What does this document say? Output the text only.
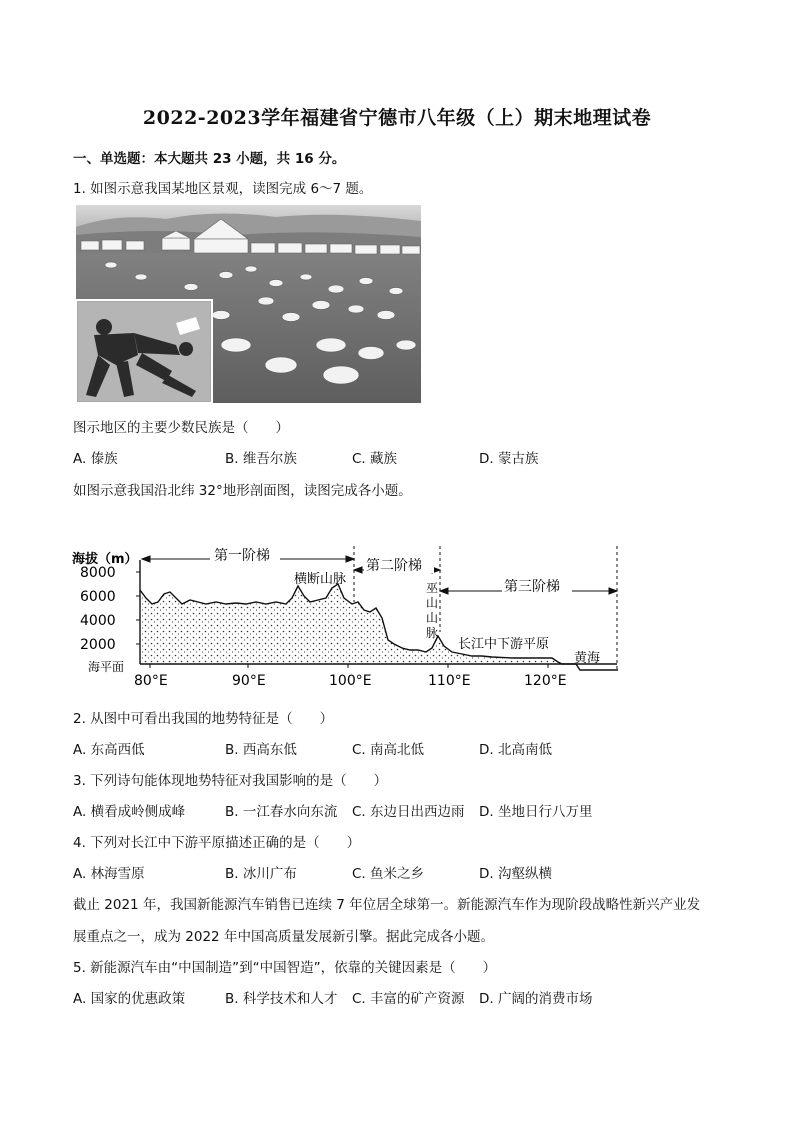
2022-2023学年福建省宁德市八年级（上）期末地理试卷
一、单选题：本大题共 23 小题，共 16 分。
1. 如图示意我国某地区景观，读图完成 6～7 题。
图示地区的主要少数民族是（　　）
A. 傣族	B. 维吾尔族	C. 藏族	D. 蒙古族
如图示意我国沿北纬 32°地形剖面图，读图完成各小题。
海拔（m）
8000
6000
4000
2000
海平面
80°E	90°E	100°E	110°E	120°E
第一阶梯
第二阶梯
第三阶梯
横断山脉
巫
山
山
脉
长江中下游平原
黄海
2. 从图中可看出我国的地势特征是（　　）
A. 东高西低	B. 西高东低	C. 南高北低	D. 北高南低
3. 下列诗句能体现地势特征对我国影响的是（　　）
A. 横看成岭侧成峰	B. 一江春水向东流 C. 东边日出西边雨 D. 坐地日行八万里
4. 下列对长江中下游平原描述正确的是（　　）
A. 林海雪原	B. 冰川广布	C. 鱼米之乡	D. 沟壑纵横
截止 2021 年，我国新能源汽车销售已连续 7 年位居全球第一。新能源汽车作为现阶段战略性新兴产业发
展重点之一，成为 2022 年中国高质量发展新引擎。据此完成各小题。
5. 新能源汽车由“中国制造”到“中国智造”，依靠的关键因素是（　　）
A. 国家的优惠政策	B. 科学技术和人才 C. 丰富的矿产资源 D. 广阔的消费市场
